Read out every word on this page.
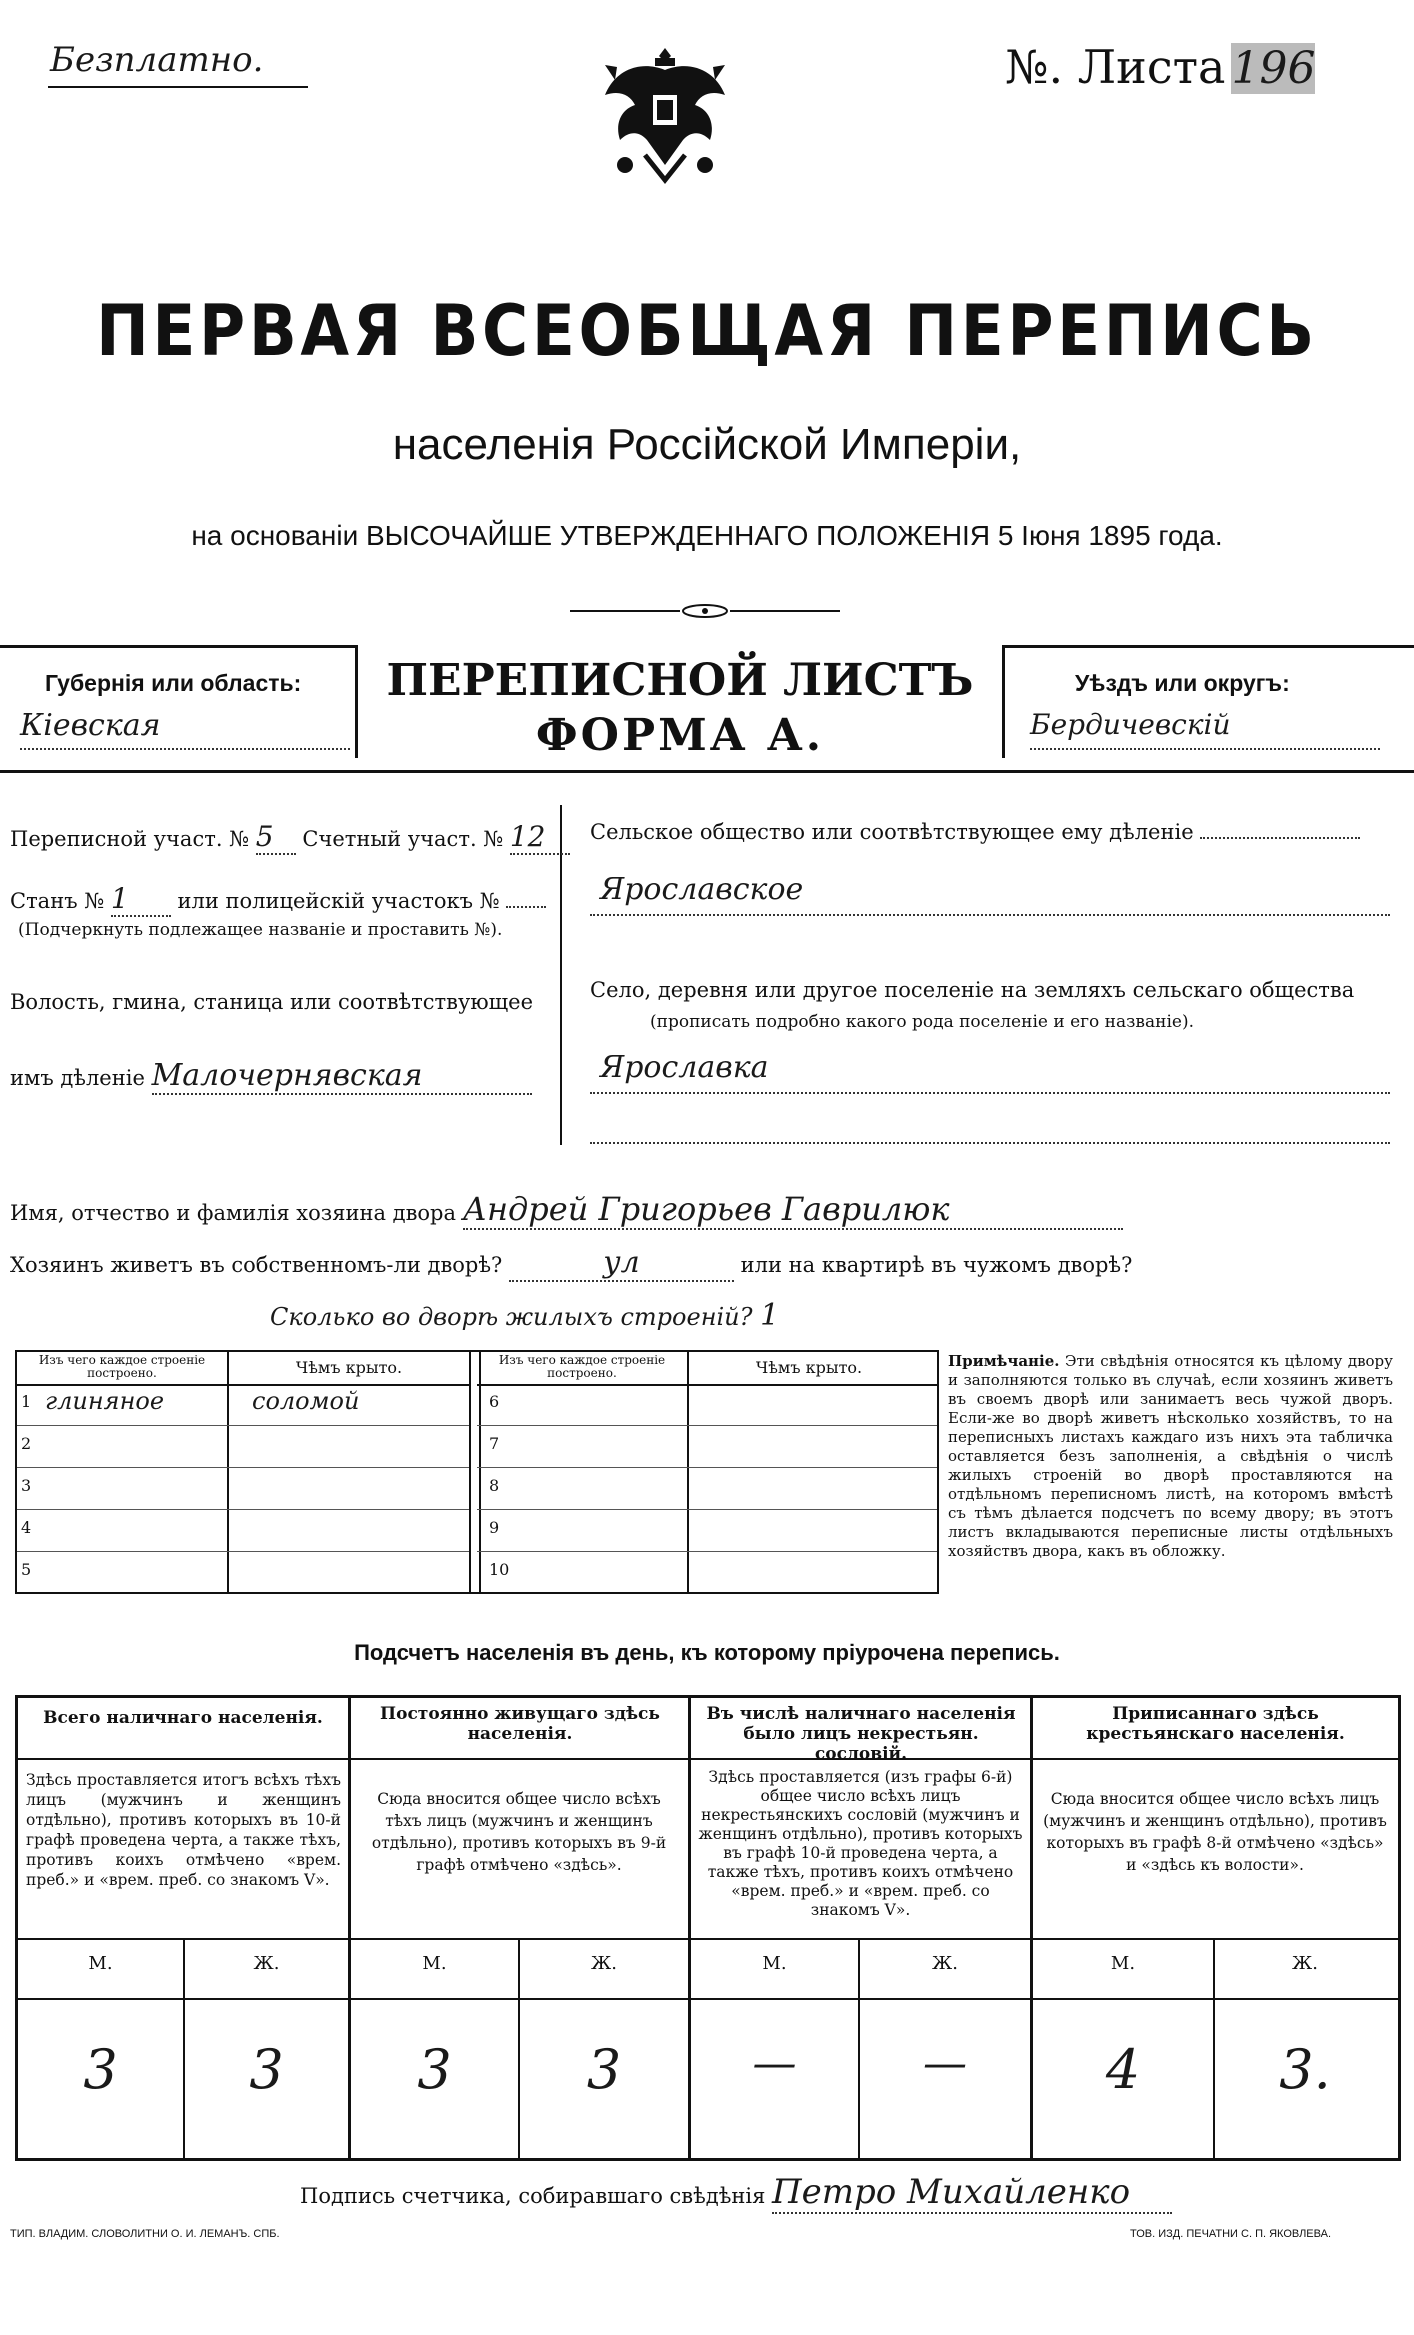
Безплатно.	№. Листа 196
ПЕРВАЯ ВСЕОБЩАЯ ПЕРЕПИСЬ
населенія Россійской Имперіи,
на основаніи ВЫСОЧАЙШЕ УТВЕРЖДЕННАГО ПОЛОЖЕНІЯ 5 Іюня 1895 года.
Губернія или область:
Кіевская
ПЕРЕПИСНОЙ ЛИСТЪ
ФОРМА А.
Уѣздъ или округъ:
Бердичевскій
Переписной участ. № 5 Счетный участ. № 12
Станъ № 1 или полицейскій участокъ №
(Подчеркнуть подлежащее названіе и проставить №).
Волость, гмина, станица или соотвѣтствующее
имъ дѣленіе Малочернявская
Сельское общество или соотвѣтствующее ему дѣленіе
Ярославское
Село, деревня или другое поселеніе на земляхъ сельскаго общества
(прописать подробно какого рода поселеніе и его названіе).
Ярославка
Имя, отчество и фамилія хозяина двора Андрей Григорьев Гаврилюк
Хозяинъ живетъ въ собственномъ-ли дворѣ?	ул	или на квартирѣ въ чужомъ дворѣ?
Сколько во дворѣ жилыхъ строеній? 1
Изъ чего каждое строеніе построено.	Чѣмъ крыто.
1 глиняное	соломой
2
3
4
5
Изъ чего каждое строеніе построено.	Чѣмъ крыто.
6
7
8
9
10
Примѣчаніе. Эти свѣдѣнія относятся къ цѣлому двору и заполняются только въ случаѣ, если хозяинъ живетъ въ своемъ дворѣ или занимаетъ весь чужой дворъ. Если-же во дворѣ живетъ нѣсколько хозяйствъ, то на переписныхъ листахъ каждаго изъ нихъ эта табличка оставляется безъ заполненія, а свѣдѣнія о числѣ жилыхъ строеній во дворѣ проставляются на отдѣльномъ переписномъ листѣ, на которомъ вмѣстѣ съ тѣмъ дѣлается подсчетъ по всему двору; въ этотъ листъ вкладываются переписные листы отдѣльныхъ хозяйствъ двора, какъ въ обложку.
Подсчетъ населенія въ день, къ которому пріурочена перепись.
Всего наличнаго населенія.	Постоянно живущаго здѣсь населенія.
Въ числѣ наличнаго населенія было лицъ некрестьян. сословій.
Приписаннаго здѣсь крестьянскаго населенія.
Здѣсь проставляется итогъ всѣхъ тѣхъ лицъ (мужчинъ и женщинъ отдѣльно), противъ которыхъ въ 10-й графѣ проведена черта, а также тѣхъ, противъ коихъ отмѣчено «врем. преб.» и «врем. преб. со знакомъ V».
Сюда вносится общее число всѣхъ тѣхъ лицъ (мужчинъ и женщинъ отдѣльно), противъ которыхъ въ 9-й графѣ отмѣчено «здѣсь».
Здѣсь проставляется (изъ графы 6-й) общее число всѣхъ лицъ некрестьянскихъ сословій (мужчинъ и женщинъ отдѣльно), противъ которыхъ въ графѣ 10-й проведена черта, а также тѣхъ, противъ коихъ отмѣчено «врем. преб.» и «врем. преб. со знакомъ V».
Сюда вносится общее число всѣхъ лицъ (мужчинъ и женщинъ отдѣльно), противъ которыхъ въ графѣ 8-й отмѣчено «здѣсь» и «здѣсь къ волости».
М.	Ж.	М.	Ж.	М.	Ж.	М.	Ж.
3	3	3	3	—	—	4	3.
Подпись счетчика, собиравшаго свѣдѣнія Петро Михайленко
ТИП. ВЛАДИМ. СЛОВОЛИТНИ О. И. ЛЕМАНЪ. СПБ.	ТОВ. ИЗД. ПЕЧАТНИ С. П. ЯКОВЛЕВА.
